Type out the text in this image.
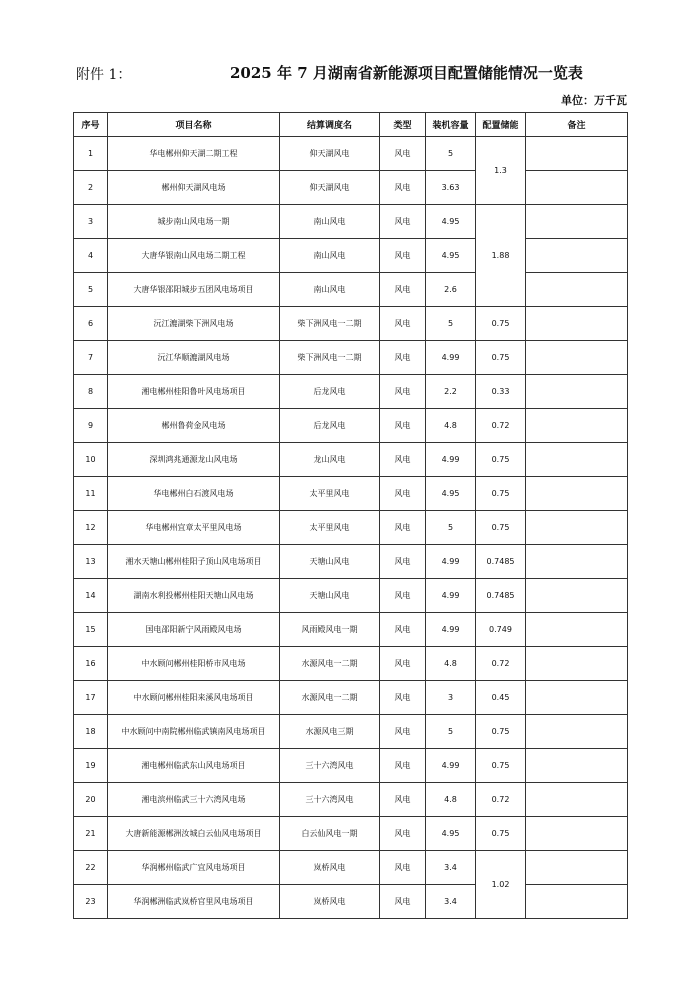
附件 1：	2025 年 7 月湖南省新能源项目配置储能情况一览表
单位：万千瓦
序号	项目名称	结算调度名	类型	装机容量	配置储能	备注
1	华电郴州仰天湖二期工程	仰天湖风电	风电	5	1.3	
2	郴州仰天湖风电场	仰天湖风电	风电	3.63		
3	城步南山风电场一期	南山风电	风电	4.95	1.88	
4	大唐华银南山风电场二期工程	南山风电	风电	4.95		
5	大唐华银邵阳城步五团风电场项目	南山风电	风电	2.6		
6	沅江漉湖柴下洲风电场	柴下洲风电一二期	风电	5	0.75	
7	沅江华顺漉湖风电场	柴下洲风电一二期	风电	4.99	0.75	
8	湘电郴州桂阳鲁叶风电场项目	后龙风电	风电	2.2	0.33	
9	郴州鲁荷金风电场	后龙风电	风电	4.8	0.72	
10	深圳鸿兆通源龙山风电场	龙山风电	风电	4.99	0.75	
11	华电郴州白石渡风电场	太平里风电	风电	4.95	0.75	
12	华电郴州宜章太平里风电场	太平里风电	风电	5	0.75	
13	湘水天塘山郴州桂阳子顶山风电场项目	天塘山风电	风电	4.99	0.7485	
14	湖南水利投郴州桂阳天塘山风电场	天塘山风电	风电	4.99	0.7485	
15	国电邵阳新宁风雨殿风电场	风雨殿风电一期	风电	4.99	0.749	
16	中水顾问郴州桂阳桥市风电场	水源风电一二期	风电	4.8	0.72	
17	中水顾问郴州桂阳来溪风电场项目	水源风电一二期	风电	3	0.45	
18	中水顾问中南院郴州临武镇南风电场项目	水源风电三期	风电	5	0.75	
19	湘电郴州临武东山风电场项目	三十六湾风电	风电	4.99	0.75	
20	湘电滨州临武三十六湾风电场	三十六湾风电	风电	4.8	0.72	
21	大唐新能源郴洲汝城白云仙风电场项目	白云仙风电一期	风电	4.95	0.75	
22	华润郴州临武广宜风电场项目	岚桥风电	风电	3.4	1.02	
23	华润郴洲临武岚桥官里风电场项目	岚桥风电	风电	3.4		
